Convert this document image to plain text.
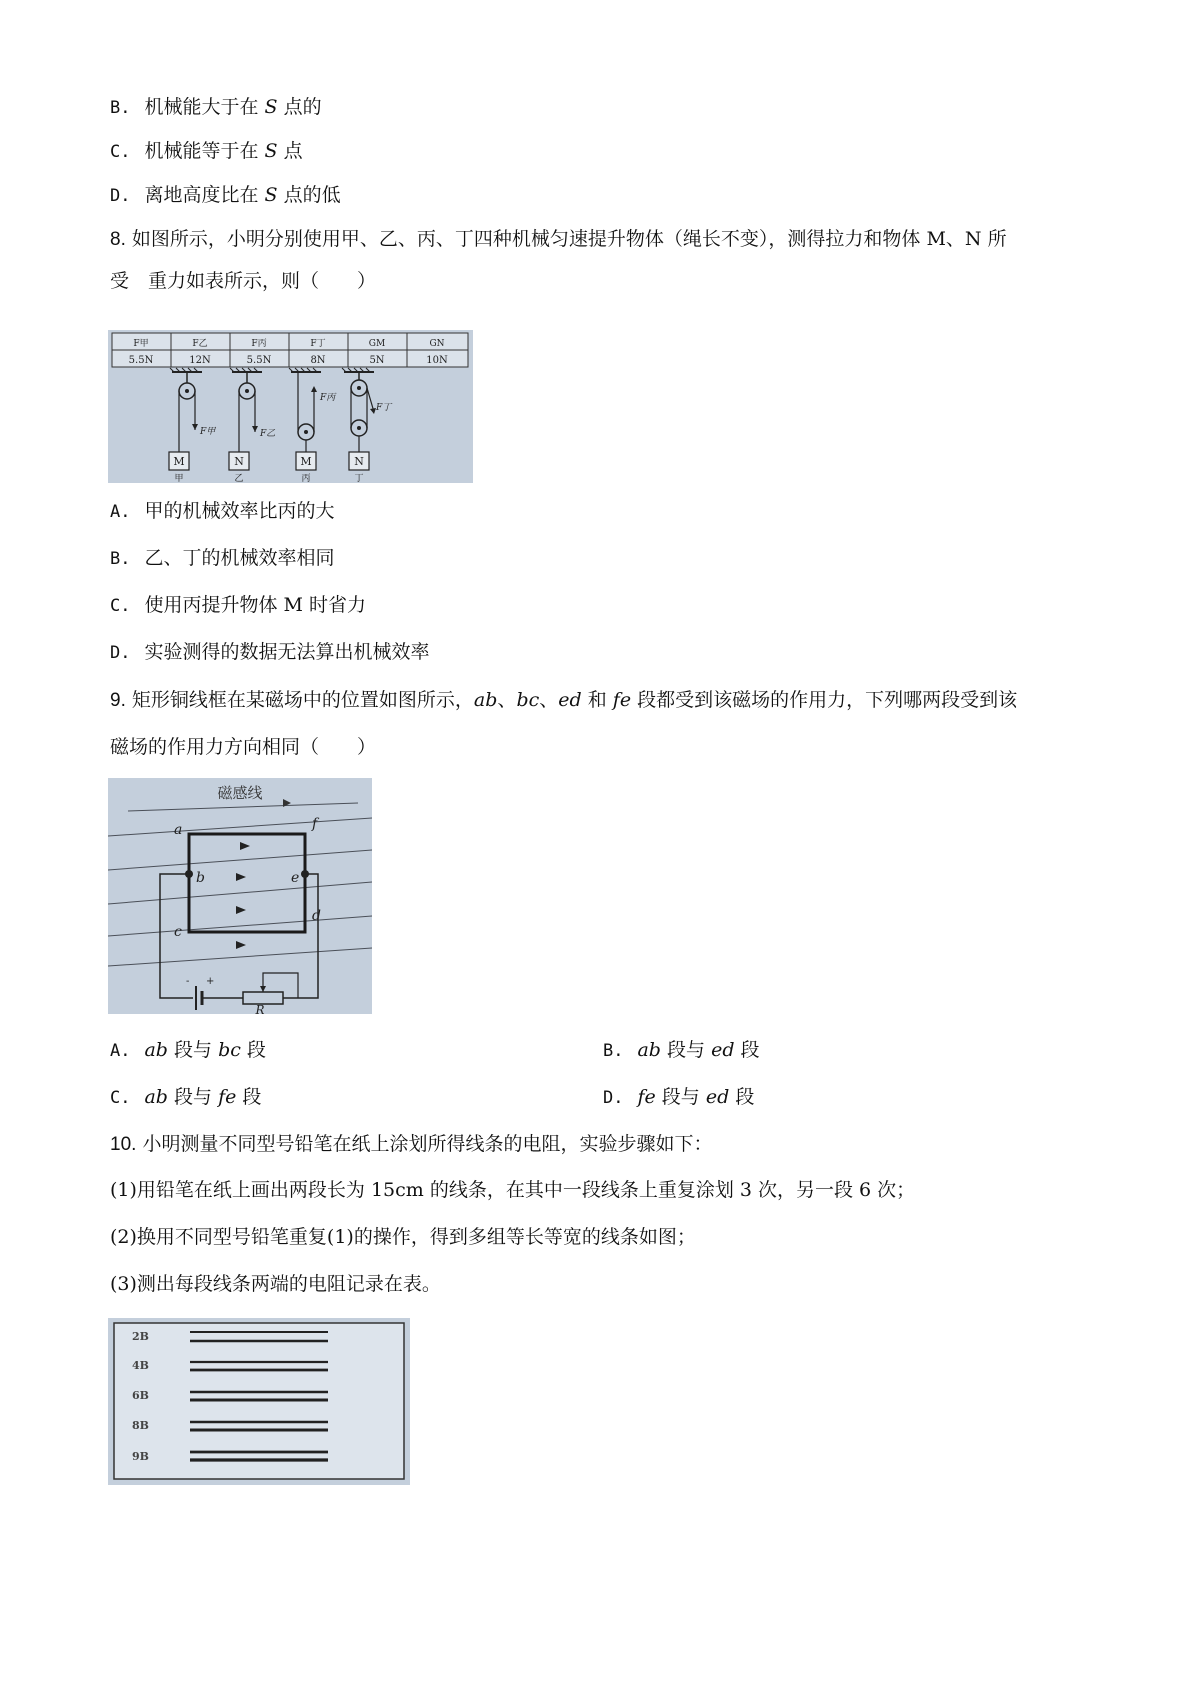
B. 机械能大于在 S 点的
C. 机械能等于在 S 点
D. 离地高度比在 S 点的低
8. 如图所示，小明分别使用甲、乙、丙、丁四种机械匀速提升物体（绳长不变），测得拉力和物体 M、N 所
受　重力如表所示，则（　　）
F甲	F乙	F丙	F丁	GM	GN
5.5N	12N	5.5N	8N	5N	10N
F甲
M
甲
F乙
N
乙
F丙
M
丙
F丁
N
丁
A. 甲的机械效率比丙的大
B. 乙、丁的机械效率相同
C. 使用丙提升物体 M 时省力
D. 实验测得的数据无法算出机械效率
9. 矩形铜线框在某磁场中的位置如图所示，ab、bc、ed 和 fe 段都受到该磁场的作用力，下列哪两段受到该
磁场的作用力方向相同（　　）
磁感线
- +
R
a
b
c
d
e
f
A. ab 段与 bc 段	B. ab 段与 ed 段
C. ab 段与 fe 段	D. fe 段与 ed 段
10. 小明测量不同型号铅笔在纸上涂划所得线条的电阻，实验步骤如下：
(1)用铅笔在纸上画出两段长为 15cm 的线条，在其中一段线条上重复涂划 3 次，另一段 6 次；
(2)换用不同型号铅笔重复(1)的操作，得到多组等长等宽的线条如图；
(3)测出每段线条两端的电阻记录在表。
2B
4B
6B
8B
9B
